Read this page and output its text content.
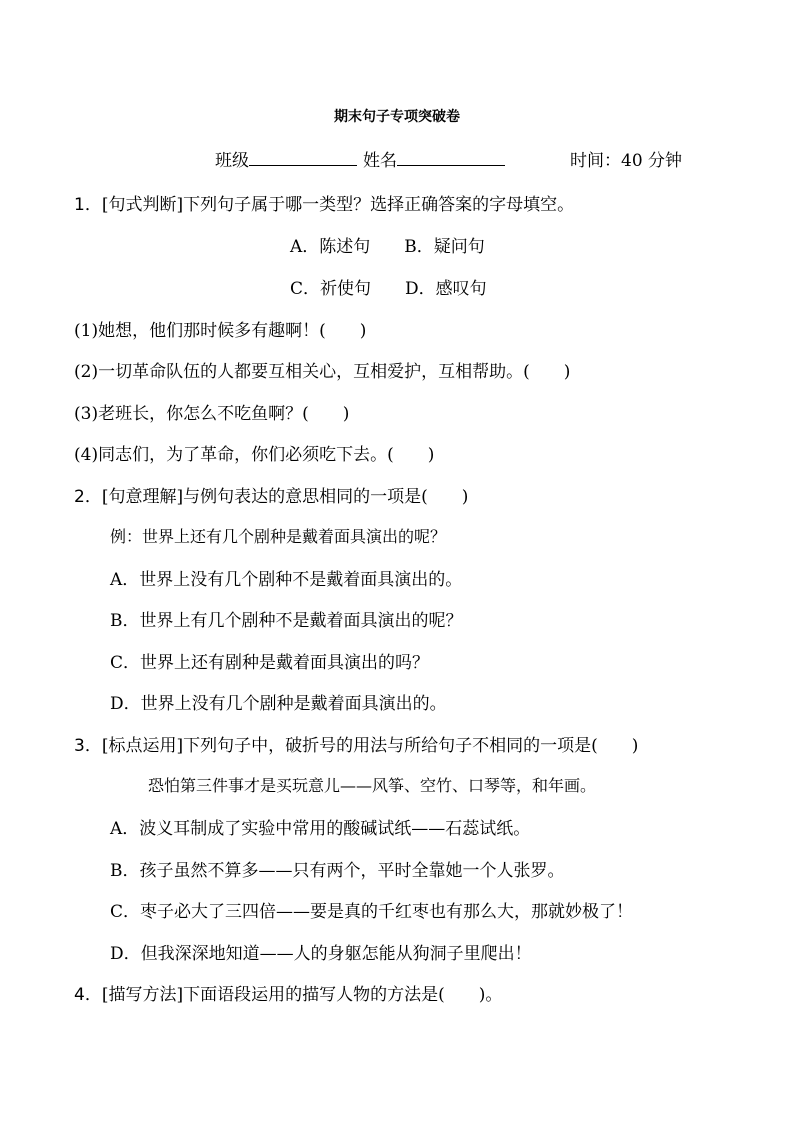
期末句子专项突破卷
班级	姓名	时间：40 分钟
1．[句式判断]下列句子属于哪一类型？选择正确答案的字母填空。
A．陈述句　　B．疑问句
C．祈使句　　D．感叹句
(1)她想，他们那时候多有趣啊！(　　)
(2)一切革命队伍的人都要互相关心，互相爱护，互相帮助。(　　)
(3)老班长，你怎么不吃鱼啊？(　　)
(4)同志们，为了革命，你们必须吃下去。(　　)
2．[句意理解]与例句表达的意思相同的一项是(　　)
例：世界上还有几个剧种是戴着面具演出的呢？
A．世界上没有几个剧种不是戴着面具演出的。
B．世界上有几个剧种不是戴着面具演出的呢？
C．世界上还有剧种是戴着面具演出的吗？
D．世界上没有几个剧种是戴着面具演出的。
3．[标点运用]下列句子中，破折号的用法与所给句子不相同的一项是(　　)
恐怕第三件事才是买玩意儿——风筝、空竹、口琴等，和年画。
A．波义耳制成了实验中常用的酸碱试纸——石蕊试纸。
B．孩子虽然不算多——只有两个，平时全靠她一个人张罗。
C．枣子必大了三四倍——要是真的千红枣也有那么大，那就妙极了！
D．但我深深地知道——人的身躯怎能从狗洞子里爬出！
4．[描写方法]下面语段运用的描写人物的方法是(　　)。
